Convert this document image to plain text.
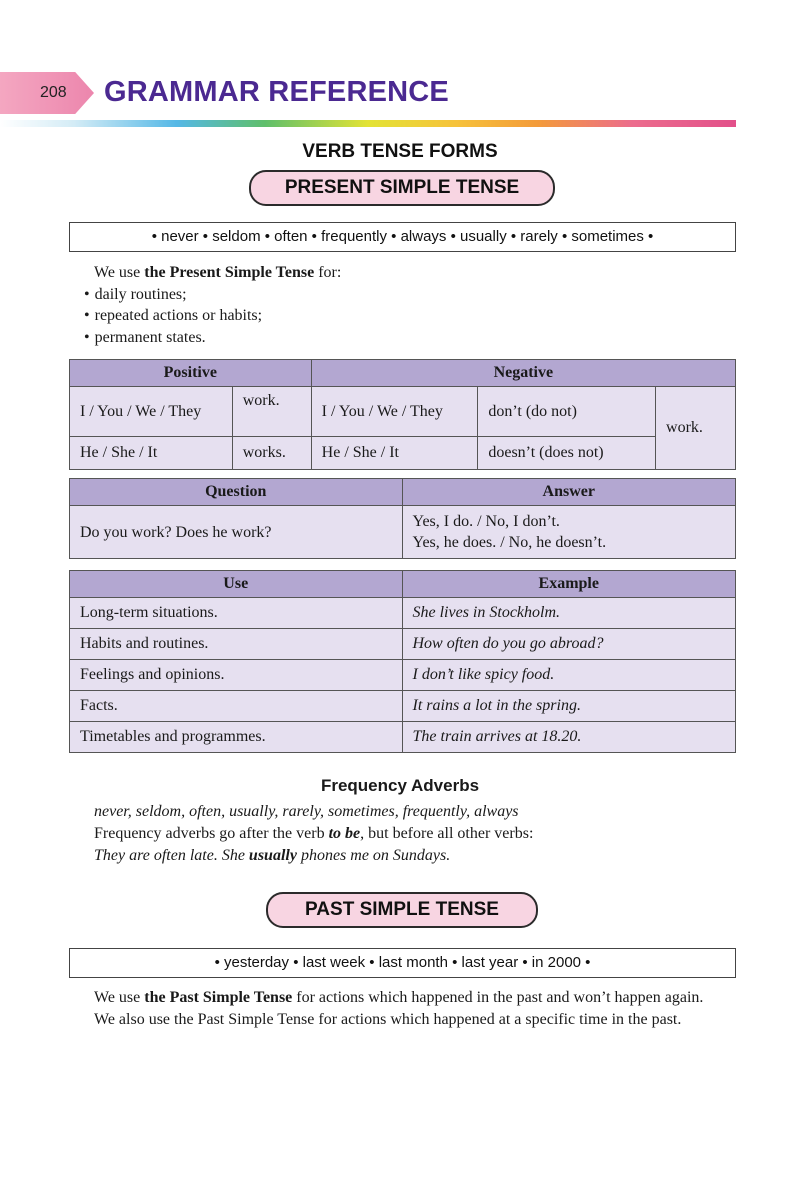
208 GRAMMAR REFERENCE
VERB TENSE FORMS
PRESENT SIMPLE TENSE
• never • seldom • often • frequently • always • usually • rarely • sometimes •
We use the Present Simple Tense for:
• daily routines;
• repeated actions or habits;
• permanent states.
Positive		Negative		
I / You / We / They	work.	I / You / We / They	don’t (do not)	work.
He / She / It	works.	He / She / It	doesn’t (does not)	
Question	Answer
Do you work? Does he work?	Yes, I do. / No, I don’t.
Yes, he does. / No, he doesn’t.
Use	Example
Long-term situations.	She lives in Stockholm.
Habits and routines.	How often do you go abroad?
Feelings and opinions.	I don’t like spicy food.
Facts.	It rains a lot in the spring.
Timetables and programmes.	The train arrives at 18.20.
Frequency Adverbs
never, seldom, often, usually, rarely, sometimes, frequently, always
Frequency adverbs go after the verb to be, but before all other verbs:
They are often late. She usually phones me on Sundays.
PAST SIMPLE TENSE
• yesterday • last week • last month • last year • in 2000 •

We use the Past Simple Tense for actions which happened in the past and won’t happen again.

We also use the Past Simple Tense for actions which happened at a specific time in the past.
